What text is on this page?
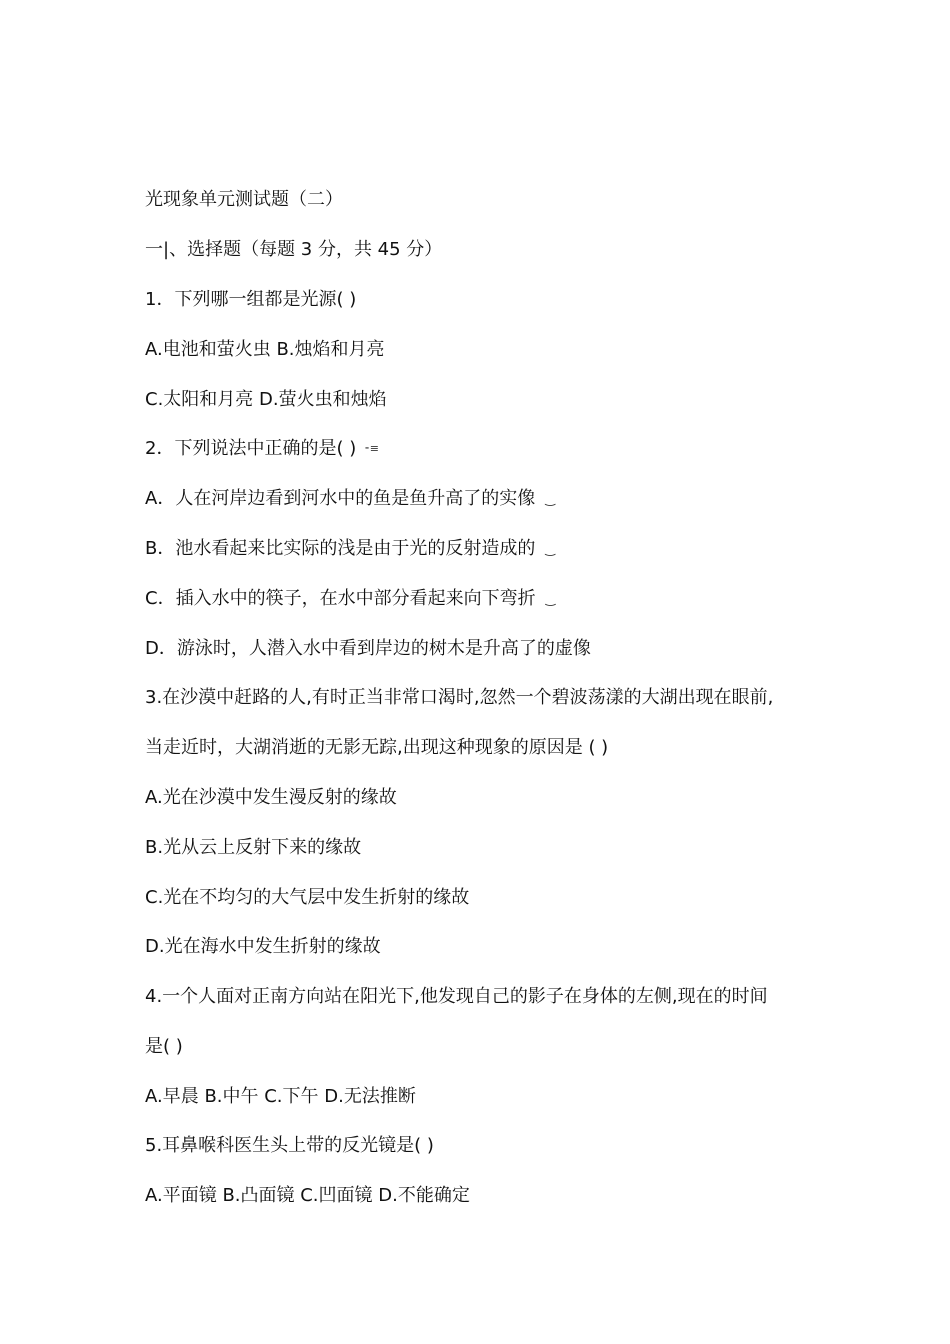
光现象单元测试题（二）
一|、选择题（每题 3 分，共 45 分）
1．下列哪一组都是光源( )
A.电池和萤火虫 B.烛焰和月亮
C.太阳和月亮 D.萤火虫和烛焰
2．下列说法中正确的是( ) ⁃≡
A．人在河岸边看到河水中的鱼是鱼升高了的实像 ‿
B．池水看起来比实际的浅是由于光的反射造成的 ‿
C．插入水中的筷子，在水中部分看起来向下弯折 ‿
D．游泳时，人潜入水中看到岸边的树木是升高了的虚像
3.在沙漠中赶路的人,有时正当非常口渴时,忽然一个碧波荡漾的大湖出现在眼前,
当走近时，大湖消逝的无影无踪,出现这种现象的原因是 ( )
A.光在沙漠中发生漫反射的缘故
B.光从云上反射下来的缘故
C.光在不均匀的大气层中发生折射的缘故
D.光在海水中发生折射的缘故
4.一个人面对正南方向站在阳光下,他发现自己的影子在身体的左侧,现在的时间
是( )
A.早晨 B.中午 C.下午 D.无法推断
5.耳鼻喉科医生头上带的反光镜是( )
A.平面镜 B.凸面镜 C.凹面镜 D.不能确定
